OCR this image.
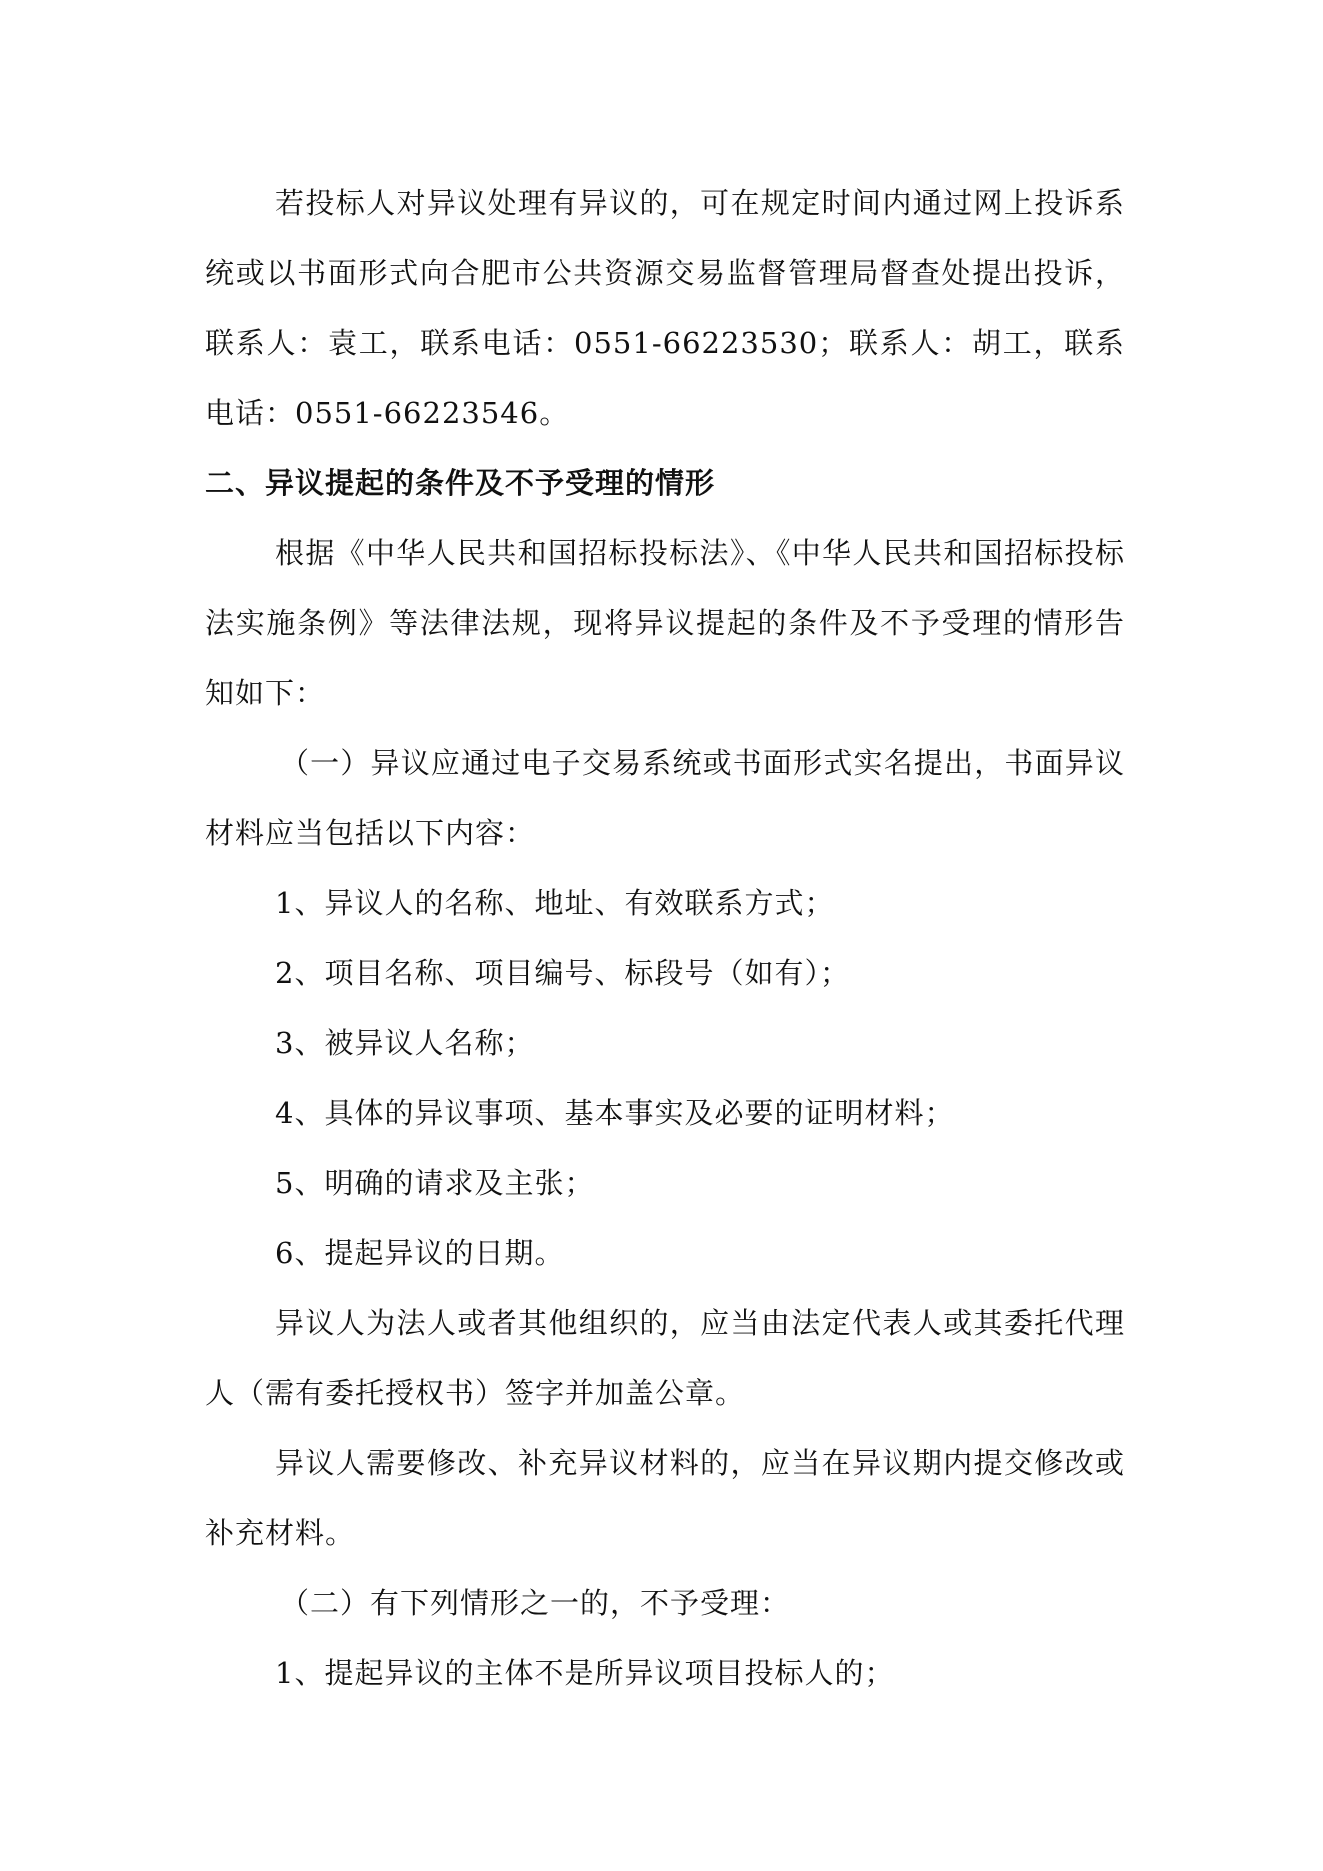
若投标人对异议处理有异议的，可在规定时间内通过网上投诉系统或以书面形式向合肥市公共资源交易监督管理局督查处提出投诉，联系人：袁工，联系电话：0551-66223530；联系人：胡工，联系电话：0551-66223546。

二、异议提起的条件及不予受理的情形

根据《中华人民共和国招标投标法》、《中华人民共和国招标投标法实施条例》等法律法规，现将异议提起的条件及不予受理的情形告知如下：

（一）异议应通过电子交易系统或书面形式实名提出，书面异议材料应当包括以下内容：

1、异议人的名称、地址、有效联系方式；

2、项目名称、项目编号、标段号（如有）；

3、被异议人名称；

4、具体的异议事项、基本事实及必要的证明材料；

5、明确的请求及主张；

6、提起异议的日期。

异议人为法人或者其他组织的，应当由法定代表人或其委托代理人（需有委托授权书）签字并加盖公章。

异议人需要修改、补充异议材料的，应当在异议期内提交修改或补充材料。

（二）有下列情形之一的，不予受理：

1、提起异议的主体不是所异议项目投标人的；
